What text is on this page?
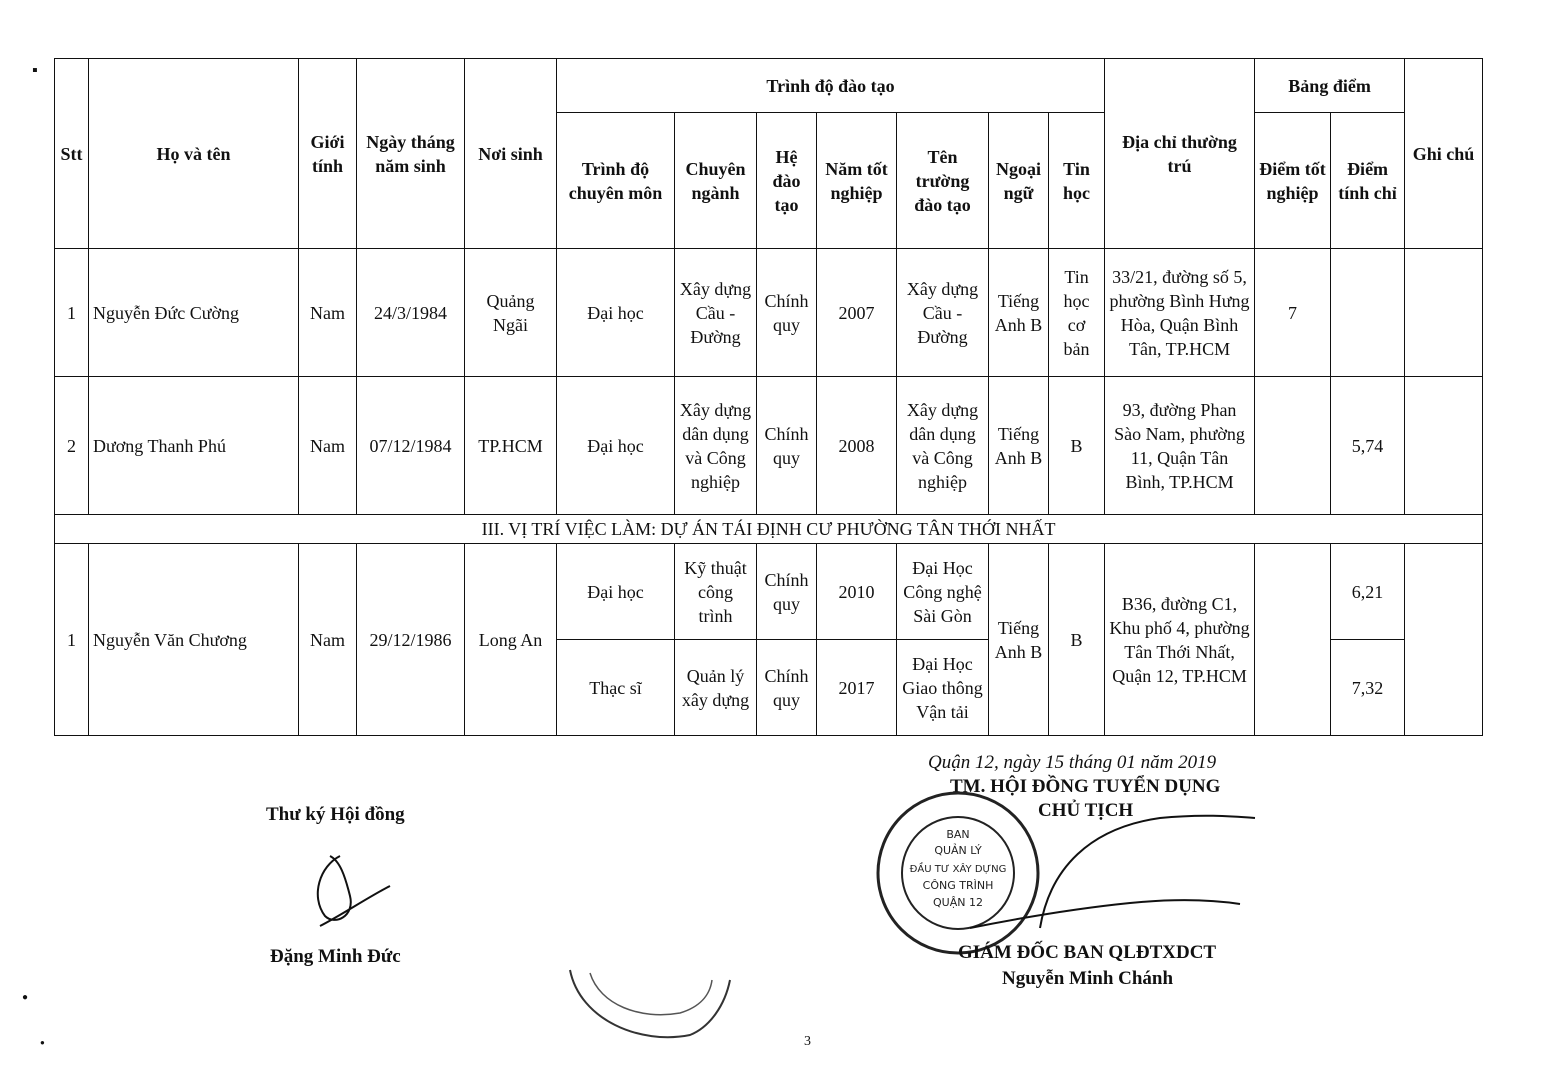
Stt	Họ và tên	Giới tính	Ngày tháng năm sinh	Nơi sinh	Trình độ đào tạo							Địa chỉ thường trú	Bảng điểm		Ghi chú
					Trình độ chuyên môn	Chuyên ngành	Hệ đào tạo	Năm tốt nghiệp	Tên trường đào tạo	Ngoại ngữ	Tin học		Điểm tốt nghiệp	Điểm tính chỉ	
1	Nguyễn Đức Cường	Nam	24/3/1984	Quảng Ngãi	Đại học	Xây dựng Cầu - Đường	Chính quy	2007	Xây dựng Cầu - Đường	Tiếng Anh B	Tin học cơ bản	33/21, đường số 5, phường Bình Hưng Hòa, Quận Bình Tân, TP.HCM	7		
2	Dương Thanh Phú	Nam	07/12/1984	TP.HCM	Đại học	Xây dựng dân dụng và Công nghiệp	Chính quy	2008	Xây dựng dân dụng và Công nghiệp	Tiếng Anh B	B	93, đường Phan Sào Nam, phường 11, Quận Tân Bình, TP.HCM		5,74	
III. VỊ TRÍ VIỆC LÀM: DỰ ÁN TÁI ĐỊNH CƯ PHƯỜNG TÂN THỚI NHẤT															
1	Nguyễn Văn Chương	Nam	29/12/1986	Long An	Đại học	Kỹ thuật công trình	Chính quy	2010	Đại Học Công nghệ Sài Gòn	Tiếng Anh B	B	B36, đường C1, Khu phố 4, phường Tân Thới Nhất, Quận 12, TP.HCM		6,21	
					Thạc sĩ	Quản lý xây dựng	Chính quy	2017	Đại Học Giao thông Vận tải					7,32	
Quận 12, ngày 15 tháng 01 năm 2019
TM. HỘI ĐỒNG TUYỂN DỤNG
CHỦ TỊCH
BAN
QUẢN LÝ
ĐẦU TƯ XÂY DỰNG
CÔNG TRÌNH
QUẬN 12
GIÁM ĐỐC BAN QLĐTXDCT
Nguyễn Minh Chánh
Thư ký Hội đồng
Đặng Minh Đức
3
▪
●
●
